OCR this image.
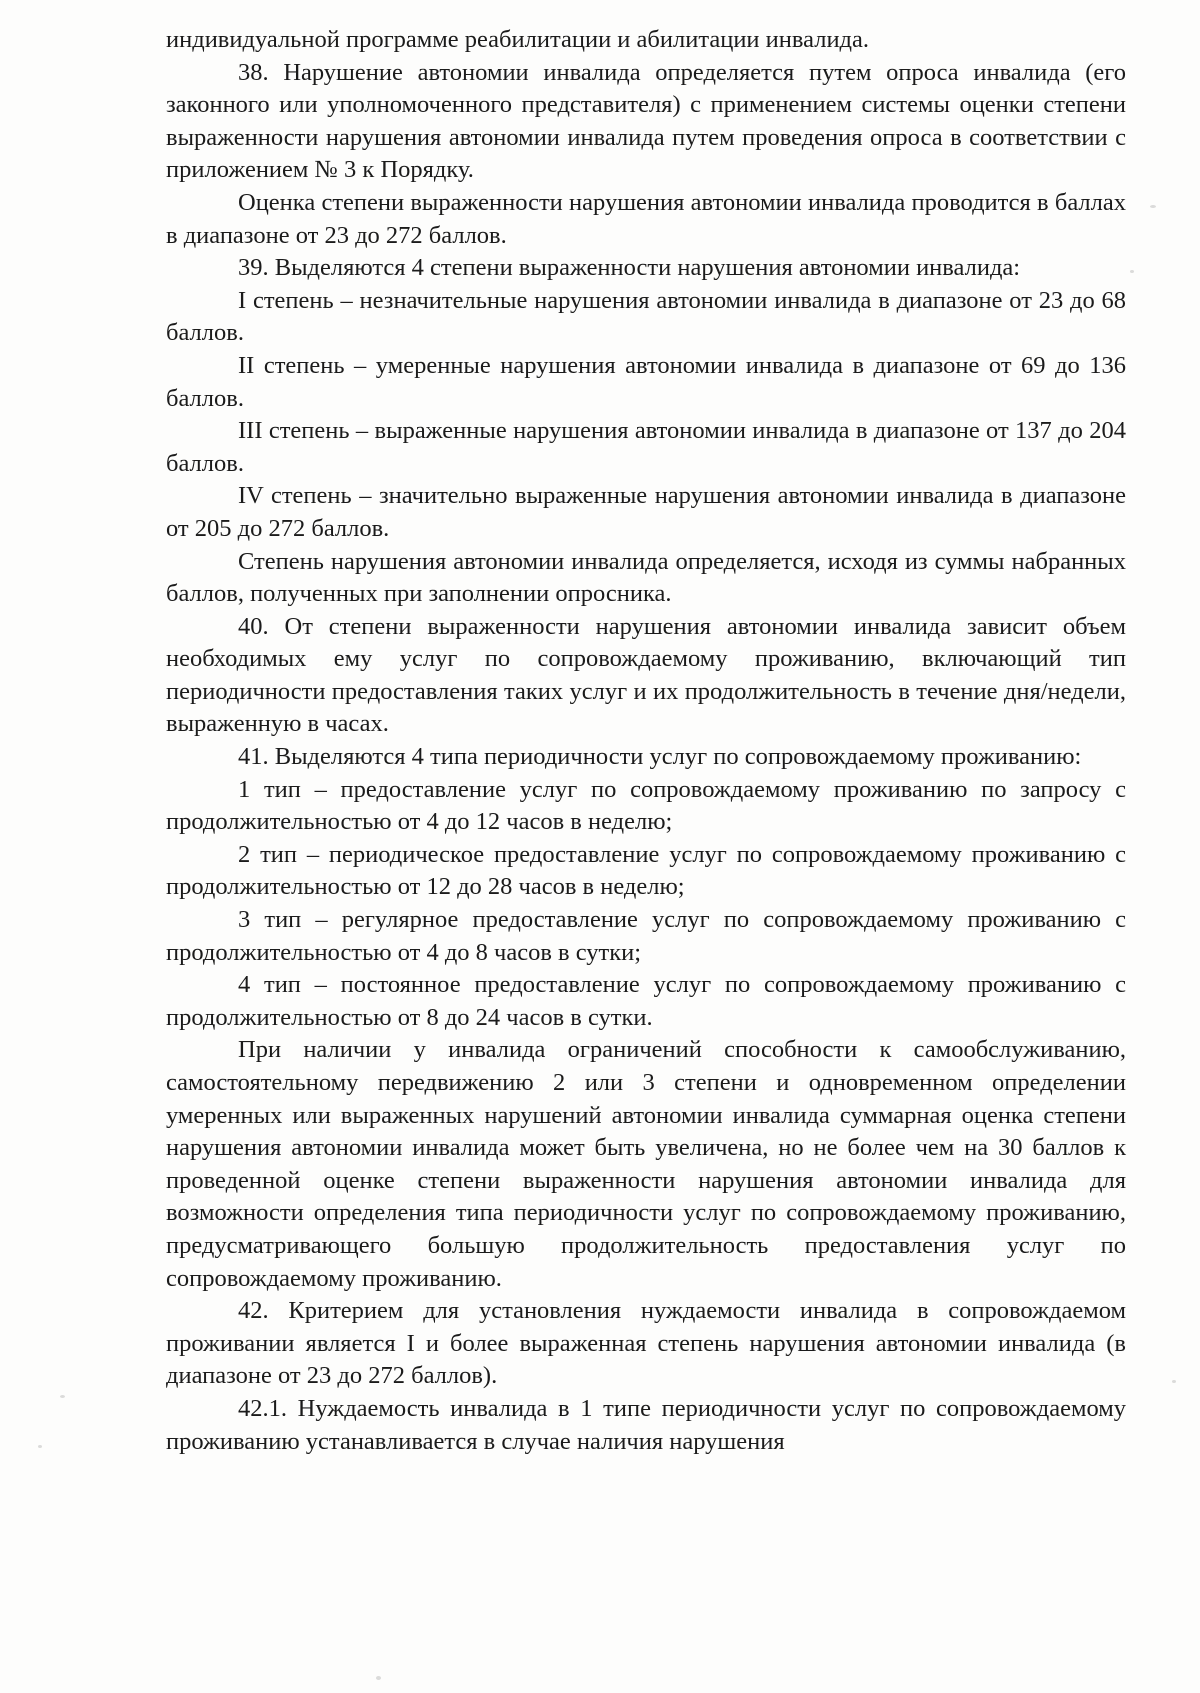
индивидуальной программе реабилитации и абилитации инвалида.

38. Нарушение автономии инвалида определяется путем опроса инвалида (его законного или уполномоченного представителя) с применением системы оценки степени выраженности нарушения автономии инвалида путем проведения опроса в соответствии с приложением № 3 к Порядку.

Оценка степени выраженности нарушения автономии инвалида проводится в баллах в диапазоне от 23 до 272 баллов.

39. Выделяются 4 степени выраженности нарушения автономии инвалида:

I степень – незначительные нарушения автономии инвалида в диапазоне от 23 до 68 баллов.

II степень – умеренные нарушения автономии инвалида в диапазоне от 69 до 136 баллов.

III степень – выраженные нарушения автономии инвалида в диапазоне от 137 до 204 баллов.

IV степень – значительно выраженные нарушения автономии инвалида в диапазоне от 205 до 272 баллов.

Степень нарушения автономии инвалида определяется, исходя из суммы набранных баллов, полученных при заполнении опросника.

40. От степени выраженности нарушения автономии инвалида зависит объем необходимых ему услуг по сопровождаемому проживанию, включающий тип периодичности предоставления таких услуг и их продолжительность в течение дня/недели, выраженную в часах.

41. Выделяются 4 типа периодичности услуг по сопровождаемому проживанию:

1 тип – предоставление услуг по сопровождаемому проживанию по запросу с продолжительностью от 4 до 12 часов в неделю;

2 тип – периодическое предоставление услуг по сопровождаемому проживанию с продолжительностью от 12 до 28 часов в неделю;

3 тип – регулярное предоставление услуг по сопровождаемому проживанию с продолжительностью от 4 до 8 часов в сутки;

4 тип – постоянное предоставление услуг по сопровождаемому проживанию с продолжительностью от 8 до 24 часов в сутки.

При наличии у инвалида ограничений способности к самообслуживанию, самостоятельному передвижению 2 или 3 степени и одновременном определении умеренных или выраженных нарушений автономии инвалида суммарная оценка степени нарушения автономии инвалида может быть увеличена, но не более чем на 30 баллов к проведенной оценке степени выраженности нарушения автономии инвалида для возможности определения типа периодичности услуг по сопровождаемому проживанию, предусматривающего большую продолжительность предоставления услуг по сопровождаемому проживанию.

42. Критерием для установления нуждаемости инвалида в сопровождаемом проживании является I и более выраженная степень нарушения автономии инвалида (в диапазоне от 23 до 272 баллов).

42.1. Нуждаемость инвалида в 1 типе периодичности услуг по сопровождаемому проживанию устанавливается в случае наличия нарушения
